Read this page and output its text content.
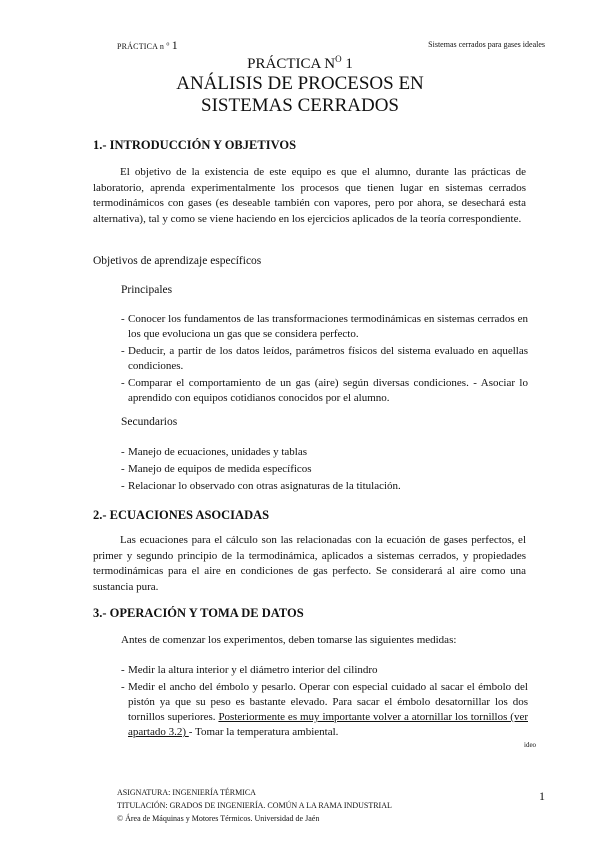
PRÁCTICA n $^o$ 1	Sistemas cerrados para gases ideales
PRÁCTICA $N^O$ 1
ANÁLISIS DE PROCESOS EN SISTEMAS CERRADOS
1.- INTRODUCCIÓN Y OBJETIVOS
El objetivo de la existencia de este equipo es que el alumno, durante las prácticas de laboratorio, aprenda experimentalmente los procesos que tienen lugar en sistemas cerrados termodinámicos con gases (es deseable también con vapores, pero por ahora, se desechará esta alternativa), tal y como se viene haciendo en los ejercicios aplicados de la teoría correspondiente.
Objetivos de aprendizaje específicos
Principales
- Conocer los fundamentos de las transformaciones termodinámicas en sistemas cerrados en los que evoluciona un gas que se considera perfecto.
- Deducir, a partir de los datos leídos, parámetros físicos del sistema evaluado en aquellas condiciones.
- Comparar el comportamiento de un gas (aire) según diversas condiciones. - Asociar lo aprendido con equipos cotidianos conocidos por el alumno.
Secundarios
- Manejo de ecuaciones, unidades y tablas
- Manejo de equipos de medida específicos
- Relacionar lo observado con otras asignaturas de la titulación.
2.- ECUACIONES ASOCIADAS
Las ecuaciones para el cálculo son las relacionadas con la ecuación de gases perfectos, el primer y segundo principio de la termodinámica, aplicados a sistemas cerrados, y propiedades termodinámicas para el aire en condiciones de gas perfecto. Se considerará al aire como una sustancia pura.
3.- OPERACIÓN Y TOMA DE DATOS
Antes de comenzar los experimentos, deben tomarse las siguientes medidas:
- Medir la altura interior y el diámetro interior del cilindro
- Medir el ancho del émbolo y pesarlo. Operar con especial cuidado al sacar el émbolo del pistón ya que su peso es bastante elevado. Para sacar el émbolo desatornillar los dos tornillos superiores. Posteriormente es muy importante volver a atornillar los tornillos (ver apartado 3.2) - Tomar la temperatura ambiental.
ideo
ASIGNATURA: INGENIERÍA TÉRMICA
TITULACIÓN: GRADOS DE INGENIERÍA. COMÚN A LA RAMA INDUSTRIAL
© Área de Máquinas y Motores Térmicos. Universidad de Jaén
1
